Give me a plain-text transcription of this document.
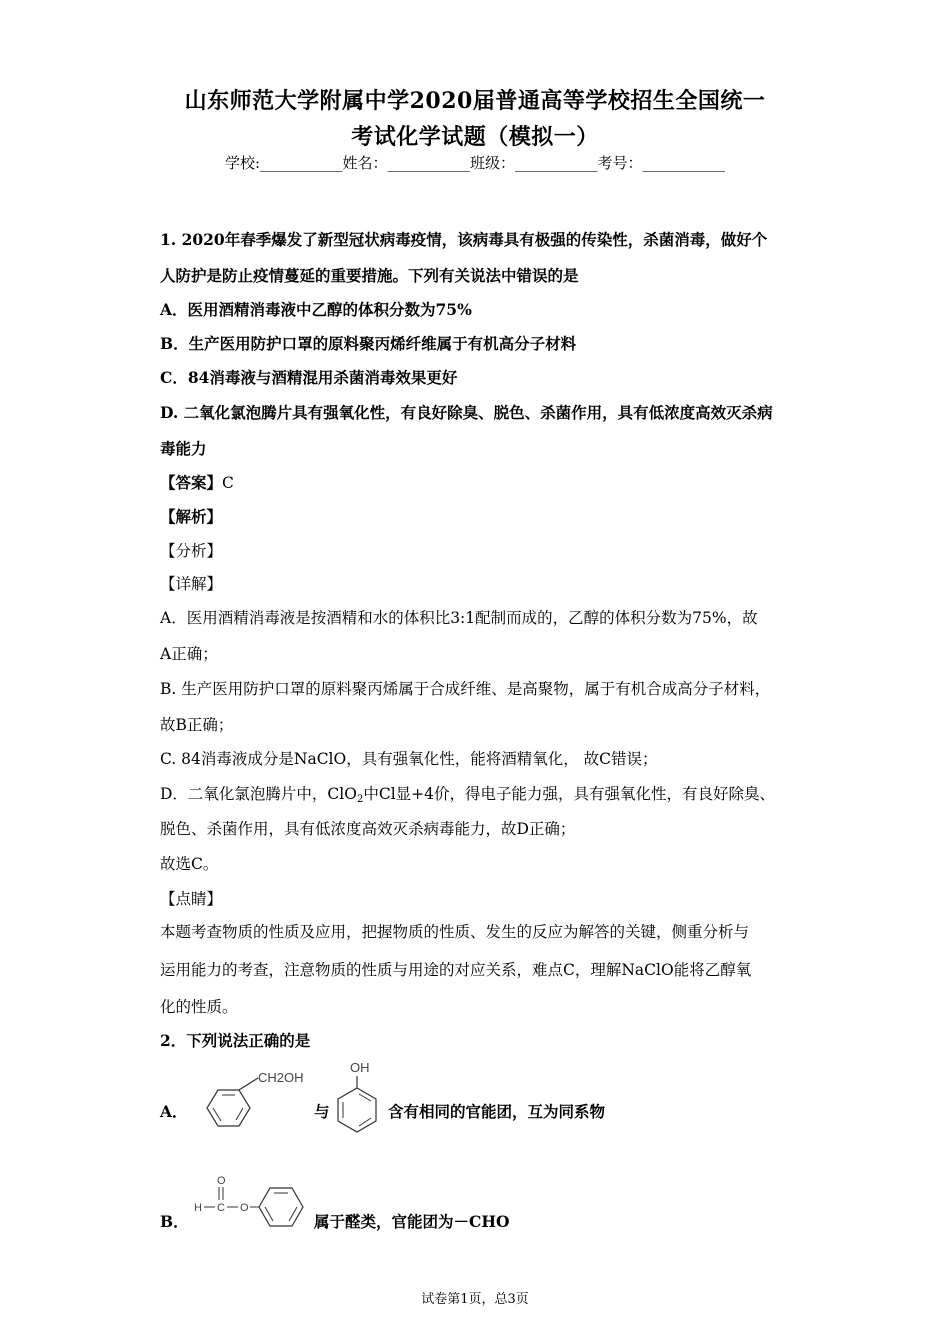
山东师范大学附属中学2020届普通高等学校招生全国统一
考试化学试题（模拟一）
学校:___________姓名：___________班级：___________考号：___________
1. 2020年春季爆发了新型冠状病毒疫情，该病毒具有极强的传染性，杀菌消毒，做好个
人防护是防止疫情蔓延的重要措施。下列有关说法中错误的是
A．医用酒精消毒液中乙醇的体积分数为75%
B．生产医用防护口罩的原料聚丙烯纤维属于有机高分子材料
C．84消毒液与酒精混用杀菌消毒效果更好
D. 二氧化氯泡腾片具有强氧化性，有良好除臭、脱色、杀菌作用，具有低浓度高效灭杀病
毒能力
【答案】C
【解析】
【分析】
【详解】
A．医用酒精消毒液是按酒精和水的体积比3:1配制而成的，乙醇的体积分数为75%，故
A正确；
B. 生产医用防护口罩的原料聚丙烯属于合成纤维、是高聚物，属于有机合成高分子材料，
故B正确；
C. 84消毒液成分是NaClO，具有强氧化性，能将酒精氧化， 故C错误；
D．二氧化氯泡腾片中，ClO$_2$中Cl显+4价，得电子能力强，具有强氧化性，有良好除臭、
脱色、杀菌作用，具有低浓度高效灭杀病毒能力，故D正确；
故选C。
【点睛】
本题考查物质的性质及应用，把握物质的性质、发生的反应为解答的关键，侧重分析与
运用能力的考查，注意物质的性质与用途的对应关系，难点C，理解NaClO能将乙醇氧
化的性质。
2．下列说法正确的是
A．
CH2OH
与
OH
含有相同的官能团，互为同系物
B．
O
H C O
属于醛类，官能团为－CHO
试卷第1页，总3页
